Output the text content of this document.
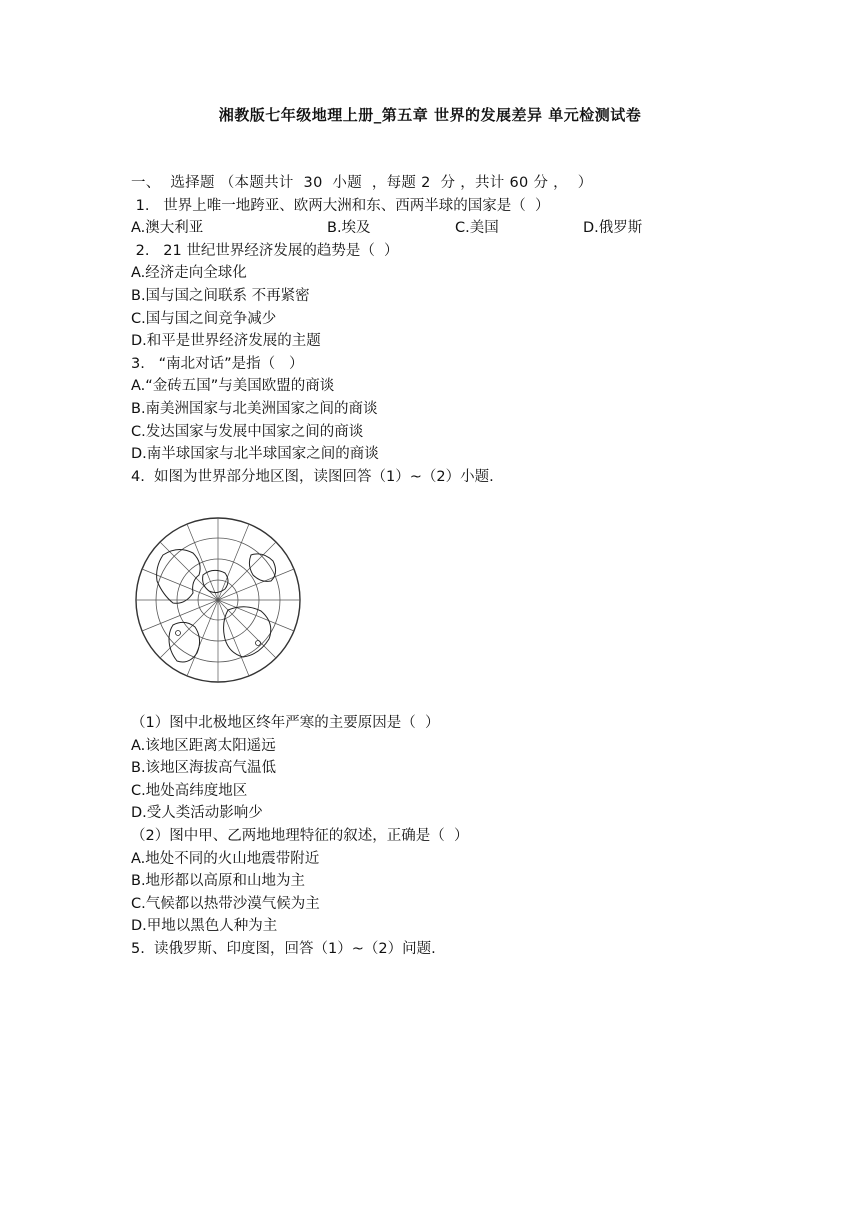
湘教版七年级地理上册_第五章 世界的发展差异 单元检测试卷
一、  选择题 （本题共计  30  小题  ，每题 2  分 ，共计 60 分 ，  ）
1.   世界上唯一地跨亚、欧两大洲和东、西两半球的国家是（  ）
A.澳大利亚	B.埃及	C.美国	D.俄罗斯
2.   21 世纪世界经济发展的趋势是（  ）
A.经济走向全球化
B.国与国之间联系 不再紧密
C.国与国之间竞争减少
D.和平是世界经济发展的主题
3.   “南北对话”是指（   ）
A.“金砖五国”与美国欧盟的商谈
B.南美洲国家与北美洲国家之间的商谈
C.发达国家与发展中国家之间的商谈
D.南半球国家与北半球国家之间的商谈
4.  如图为世界部分地区图，读图回答（1）~（2）小题.
（1）图中北极地区终年严寒的主要原因是（  ）
A.该地区距离太阳遥远
B.该地区海拔高气温低
C.地处高纬度地区
D.受人类活动影响少
（2）图中甲、乙两地地理特征的叙述，正确是（  ）
A.地处不同的火山地震带附近
B.地形都以高原和山地为主
C.气候都以热带沙漠气候为主
D.甲地以黑色人种为主
5.  读俄罗斯、印度图，回答（1）~（2）问题.
